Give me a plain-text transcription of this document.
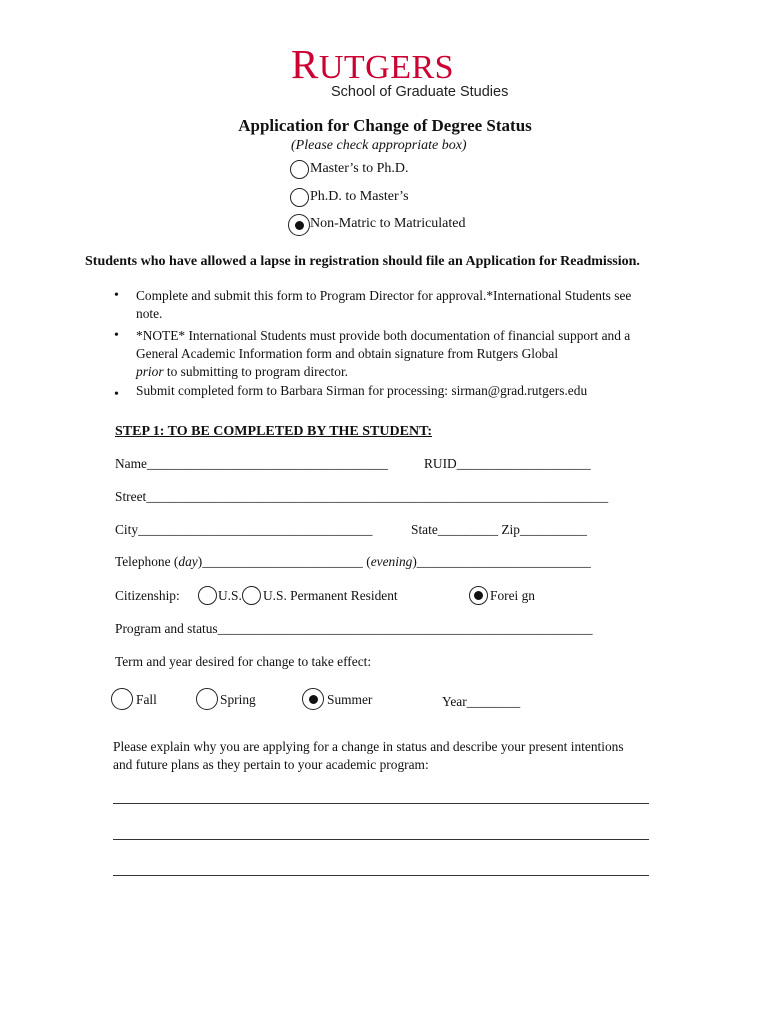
RUTGERS
School of Graduate Studies
Application for Change of Degree Status
(Please check appropriate box)
Master’s to Ph.D.
Ph.D. to Master’s
Non-Matric to Matriculated
Students who have allowed a lapse in registration should file an Application for Readmission.
• Complete and submit this form to Program Director for approval.*International Students see
note.
• *NOTE* International Students must provide both documentation of financial support and a
General Academic Information form and obtain signature from Rutgers Global
prior to submitting to program director.
• Submit completed form to Barbara Sirman for processing: sirman@grad.rutgers.edu
STEP 1: TO BE COMPLETED BY THE STUDENT:
Name____________________________________	RUID____________________
Street_____________________________________________________________________
City___________________________________	State_________ Zip__________
Telephone (day)________________________ (evening)__________________________
Citizenship:	U.S. U.S. Permanent Resident	Forei gn
Program and status________________________________________________________
Term and year desired for change to take effect:
Fall	Spring	Summer	Year________
Please explain why you are applying for a change in status and describe your present intentions
and future plans as they pertain to your academic program:
